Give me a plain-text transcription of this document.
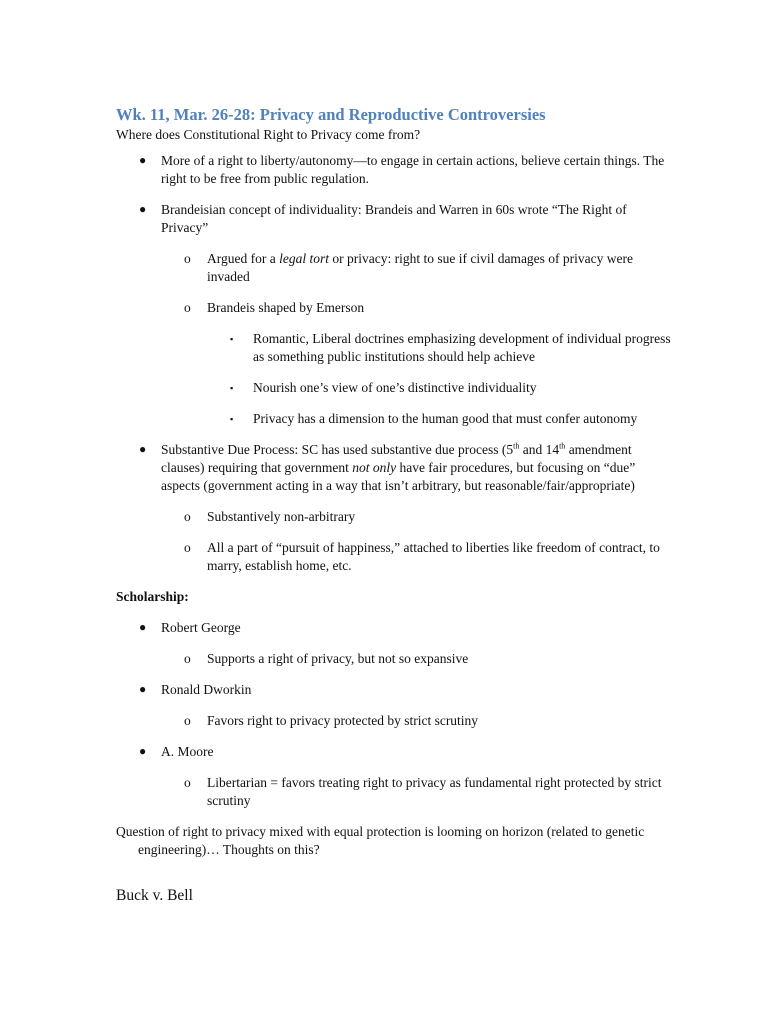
Wk. 11, Mar. 26-28: Privacy and Reproductive Controversies

Where does Constitutional Right to Privacy come from?

● More of a right to liberty/autonomy—to engage in certain actions, believe certain things. The right to be free from public regulation.
● Brandeisian concept of individuality: Brandeis and Warren in 60s wrote “The Right of Privacy”
o Argued for a legal tort or privacy: right to sue if civil damages of privacy were invaded
o Brandeis shaped by Emerson
▪ Romantic, Liberal doctrines emphasizing development of individual progress as something public institutions should help achieve
▪ Nourish one’s view of one’s distinctive individuality
▪ Privacy has a dimension to the human good that must confer autonomy
● Substantive Due Process: SC has used substantive due process (5th and 14th amendment clauses) requiring that government not only have fair procedures, but focusing on “due” aspects (government acting in a way that isn’t arbitrary, but reasonable/fair/appropriate)
o Substantively non-arbitrary
o All a part of “pursuit of happiness,” attached to liberties like freedom of contract, to marry, establish home, etc.

Scholarship:

● Robert George
o Supports a right of privacy, but not so expansive
● Ronald Dworkin
o Favors right to privacy protected by strict scrutiny
● A. Moore
o Libertarian = favors treating right to privacy as fundamental right protected by strict scrutiny

Question of right to privacy mixed with equal protection is looming on horizon (related to genetic engineering)… Thoughts on this?

Buck v. Bell
